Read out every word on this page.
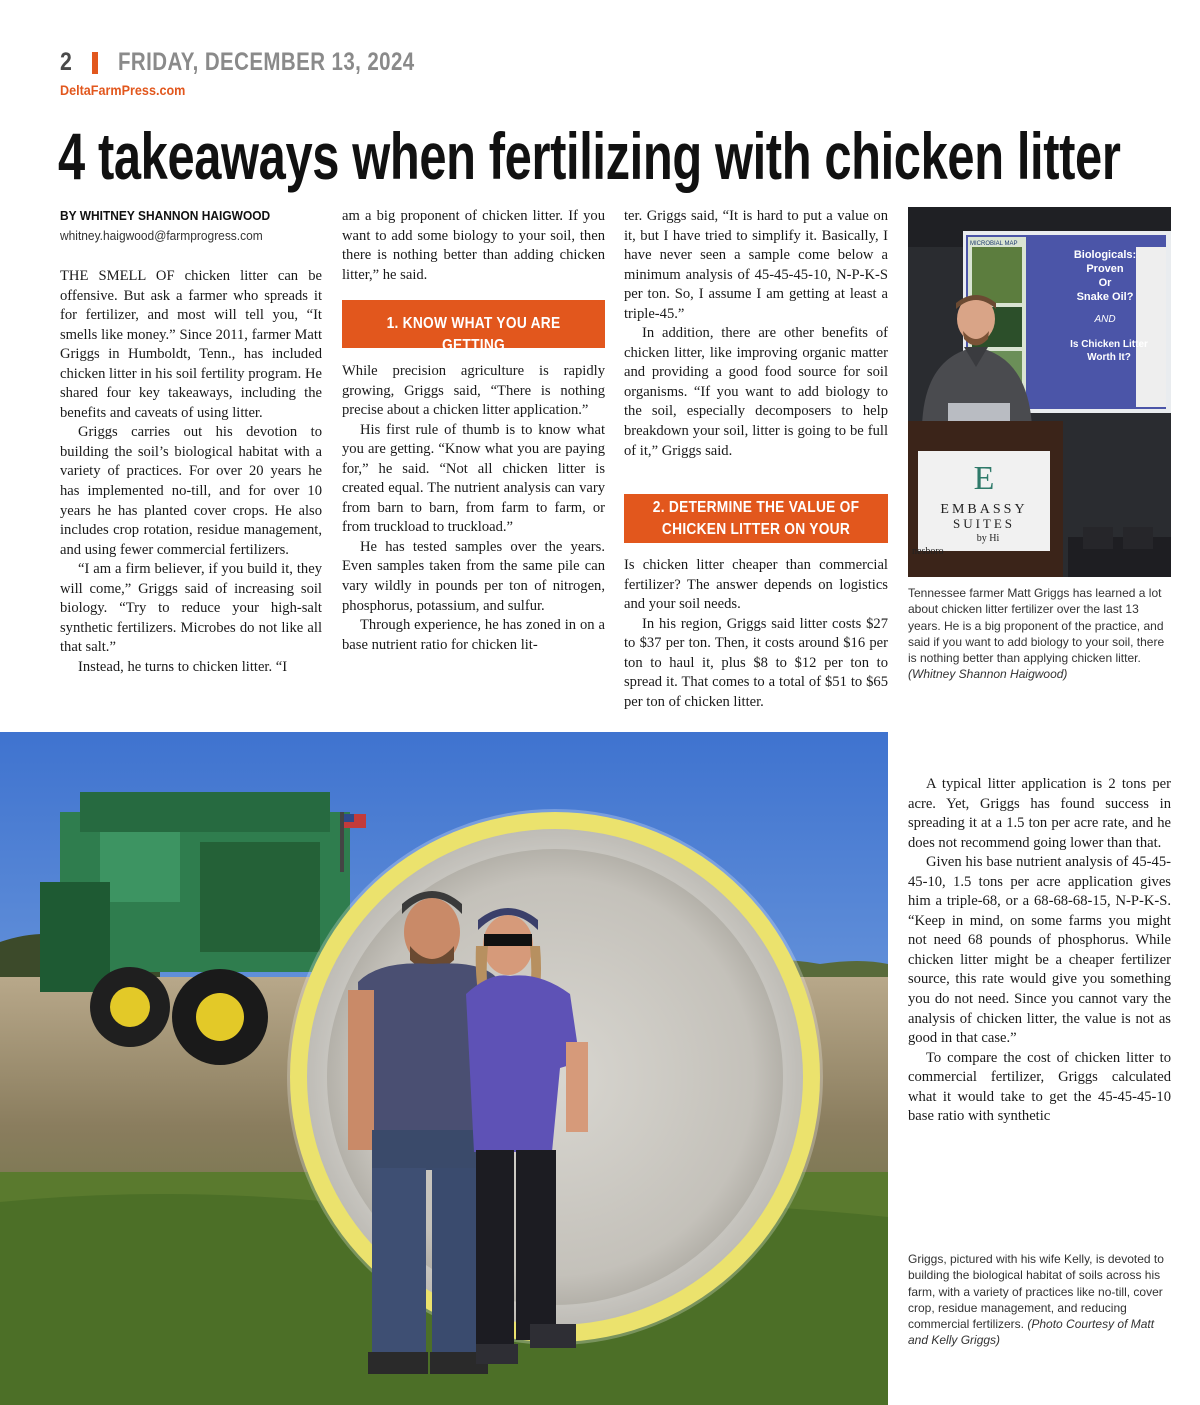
2 FRIDAY, DECEMBER 13, 2024
DeltaFarmPress.com
4 takeaways when fertilizing with chicken litter
BY WHITNEY SHANNON HAIGWOOD
whitney.haigwood@farmprogress.com

THE SMELL OF chicken litter can be offensive. But ask a farmer who spreads it for fertilizer, and most will tell you, “It smells like money.” Since 2011, farmer Matt Griggs in Humboldt, Tenn., has included chicken litter in his soil fertility program. He shared four key takeaways, including the benefits and caveats of using litter.

Griggs carries out his devotion to building the soil’s biological habitat with a variety of practices. For over 20 years he has implemented no-till, and for over 10 years he has planted cover crops. He also includes crop rotation, residue management, and using fewer commercial fertilizers.

“I am a firm believer, if you build it, they will come,” Griggs said of increasing soil biology. “Try to reduce your high-salt synthetic fertilizers. Microbes do not like all that salt.”

Instead, he turns to chicken litter. “I

am a big proponent of chicken litter. If you want to add some biology to your soil, then there is nothing better than adding chicken litter,” he said.

1. KNOW WHAT YOU ARE GETTING

While precision agriculture is rapidly growing, Griggs said, “There is nothing precise about a chicken litter application.”

His first rule of thumb is to know what you are getting. “Know what you are paying for,” he said. “Not all chicken litter is created equal. The nutrient analysis can vary from barn to barn, from farm to farm, or from truckload to truckload.”

He has tested samples over the years. Even samples taken from the same pile can vary wildly in pounds per ton of nitrogen, phosphorus, potassium, and sulfur.

Through experience, he has zoned in on a base nutrient ratio for chicken lit-

ter. Griggs said, “It is hard to put a value on it, but I have tried to simplify it. Basically, I have never seen a sample come below a minimum analysis of 45-45-45-10, N-P-K-S per ton. So, I assume I am getting at least a triple-45.”

In addition, there are other benefits of chicken litter, like improving organic matter and providing a good food source for soil organisms. “If you want to add biology to the soil, especially decomposers to help breakdown your soil, litter is going to be full of it,” Griggs said.

2. DETERMINE THE VALUE OF
CHICKEN LITTER ON YOUR ACRES

Is chicken litter cheaper than commercial fertilizer? The answer depends on logistics and your soil needs.

In his region, Griggs said litter costs $27 to $37 per ton. Then, it costs around $16 per ton to haul it, plus $8 to $12 per ton to spread it. That comes to a total of $51 to $65 per ton of chicken litter.

MICROBIAL MAP
Biologicals:
Proven
Or
Snake Oil?
AND
Is Chicken Litter
Worth It?
E
EMBASSY
SUITES
by Hi
nesboro
Tennessee farmer Matt Griggs has learned a lot about chicken litter fertilizer over the last 13 years. He is a big proponent of the practice, and said if you want to add biology to your soil, there is nothing better than applying chicken litter. (Whitney Shannon Haigwood)

A typical litter application is 2 tons per acre. Yet, Griggs has found success in spreading it at a 1.5 ton per acre rate, and he does not recommend going lower than that.

Given his base nutrient analysis of 45-45-45-10, 1.5 tons per acre application gives him a triple-68, or a 68-68-68-15, N-P-K-S. “Keep in mind, on some farms you might not need 68 pounds of phosphorus. While chicken litter might be a cheaper fertilizer source, this rate would give you something you do not need. Since you cannot vary the analysis of chicken litter, the value is not as good in that case.”

To compare the cost of chicken litter to commercial fertilizer, Griggs calculated what it would take to get the 45-45-45-10 base ratio with synthetic

Griggs, pictured with his wife Kelly, is devoted to building the biological habitat of soils across his farm, with a variety of practices like no-till, cover crop, residue management, and reducing commercial fertilizers. (Photo Courtesy of Matt and Kelly Griggs)
